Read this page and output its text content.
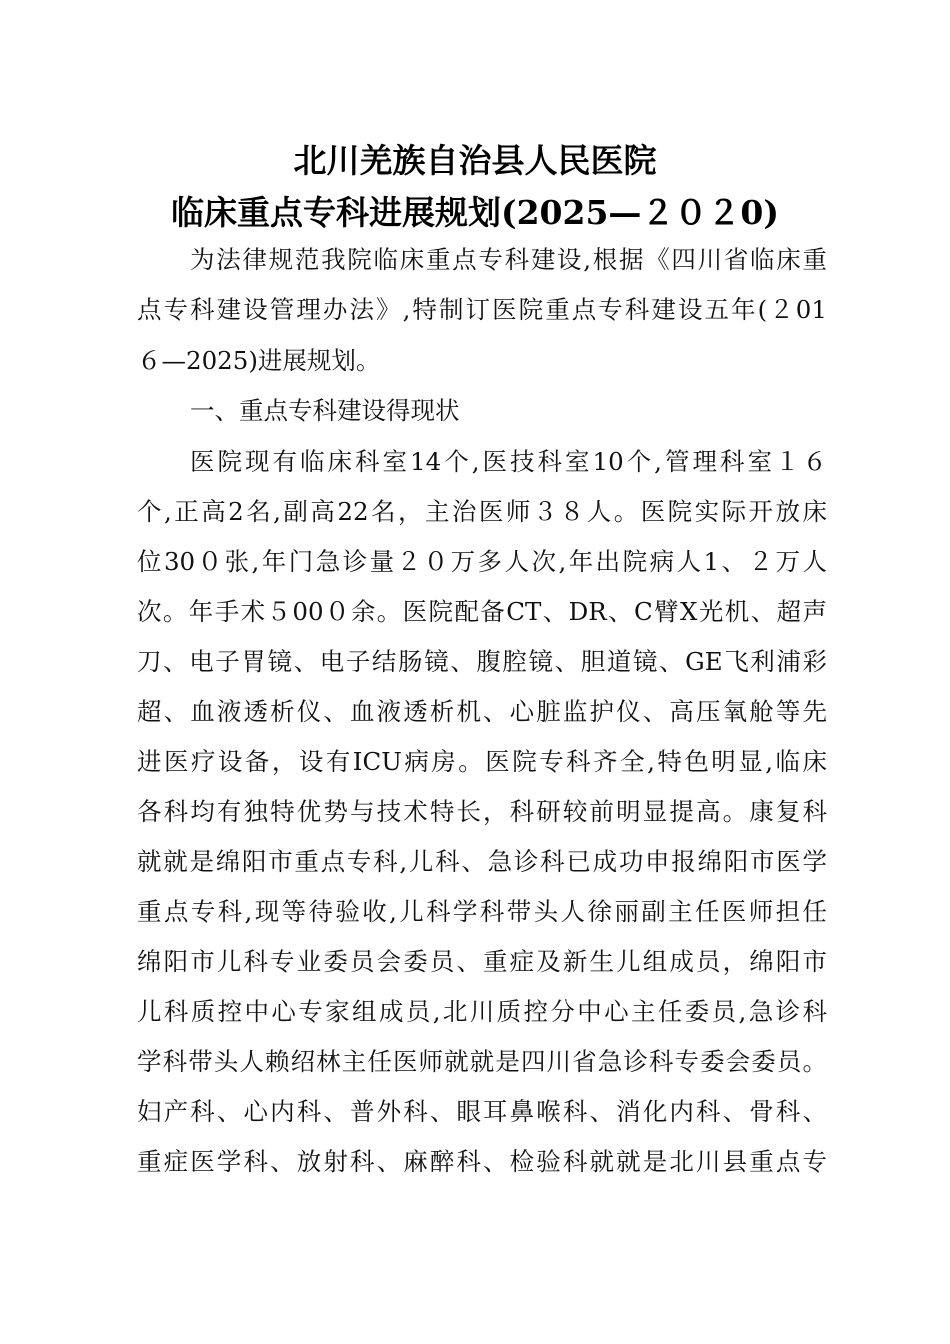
北川羌族自治县人民医院
临床重点专科进展规划(2025—２０２0)
为法律规范我院临床重点专科建设,根据《四川省临床重
点专科建设管理办法》,特制订医院重点专科建设五年(２01
６—2025)进展规划。
一、重点专科建设得现状
医院现有临床科室14个,医技科室10个,管理科室１６
个,正高2名,副高22名，主治医师３８人。医院实际开放床
位30０张,年门急诊量２０万多人次,年出院病人1、２万人
次。年手术５00０余。医院配备CT、DR、C臂X光机、超声
刀、电子胃镜、电子结肠镜、腹腔镜、胆道镜、GE飞利浦彩
超、血液透析仪、血液透析机、心脏监护仪、高压氧舱等先
进医疗设备，设有ICU病房。医院专科齐全,特色明显,临床
各科均有独特优势与技术特长，科研较前明显提高。康复科
就就是绵阳市重点专科,儿科、急诊科已成功申报绵阳市医学
重点专科,现等待验收,儿科学科带头人徐丽副主任医师担任
绵阳市儿科专业委员会委员、重症及新生儿组成员，绵阳市
儿科质控中心专家组成员,北川质控分中心主任委员,急诊科
学科带头人赖绍林主任医师就就是四川省急诊科专委会委员。
妇产科、心内科、普外科、眼耳鼻喉科、消化内科、骨科、
重症医学科、放射科、麻醉科、检验科就就是北川县重点专
